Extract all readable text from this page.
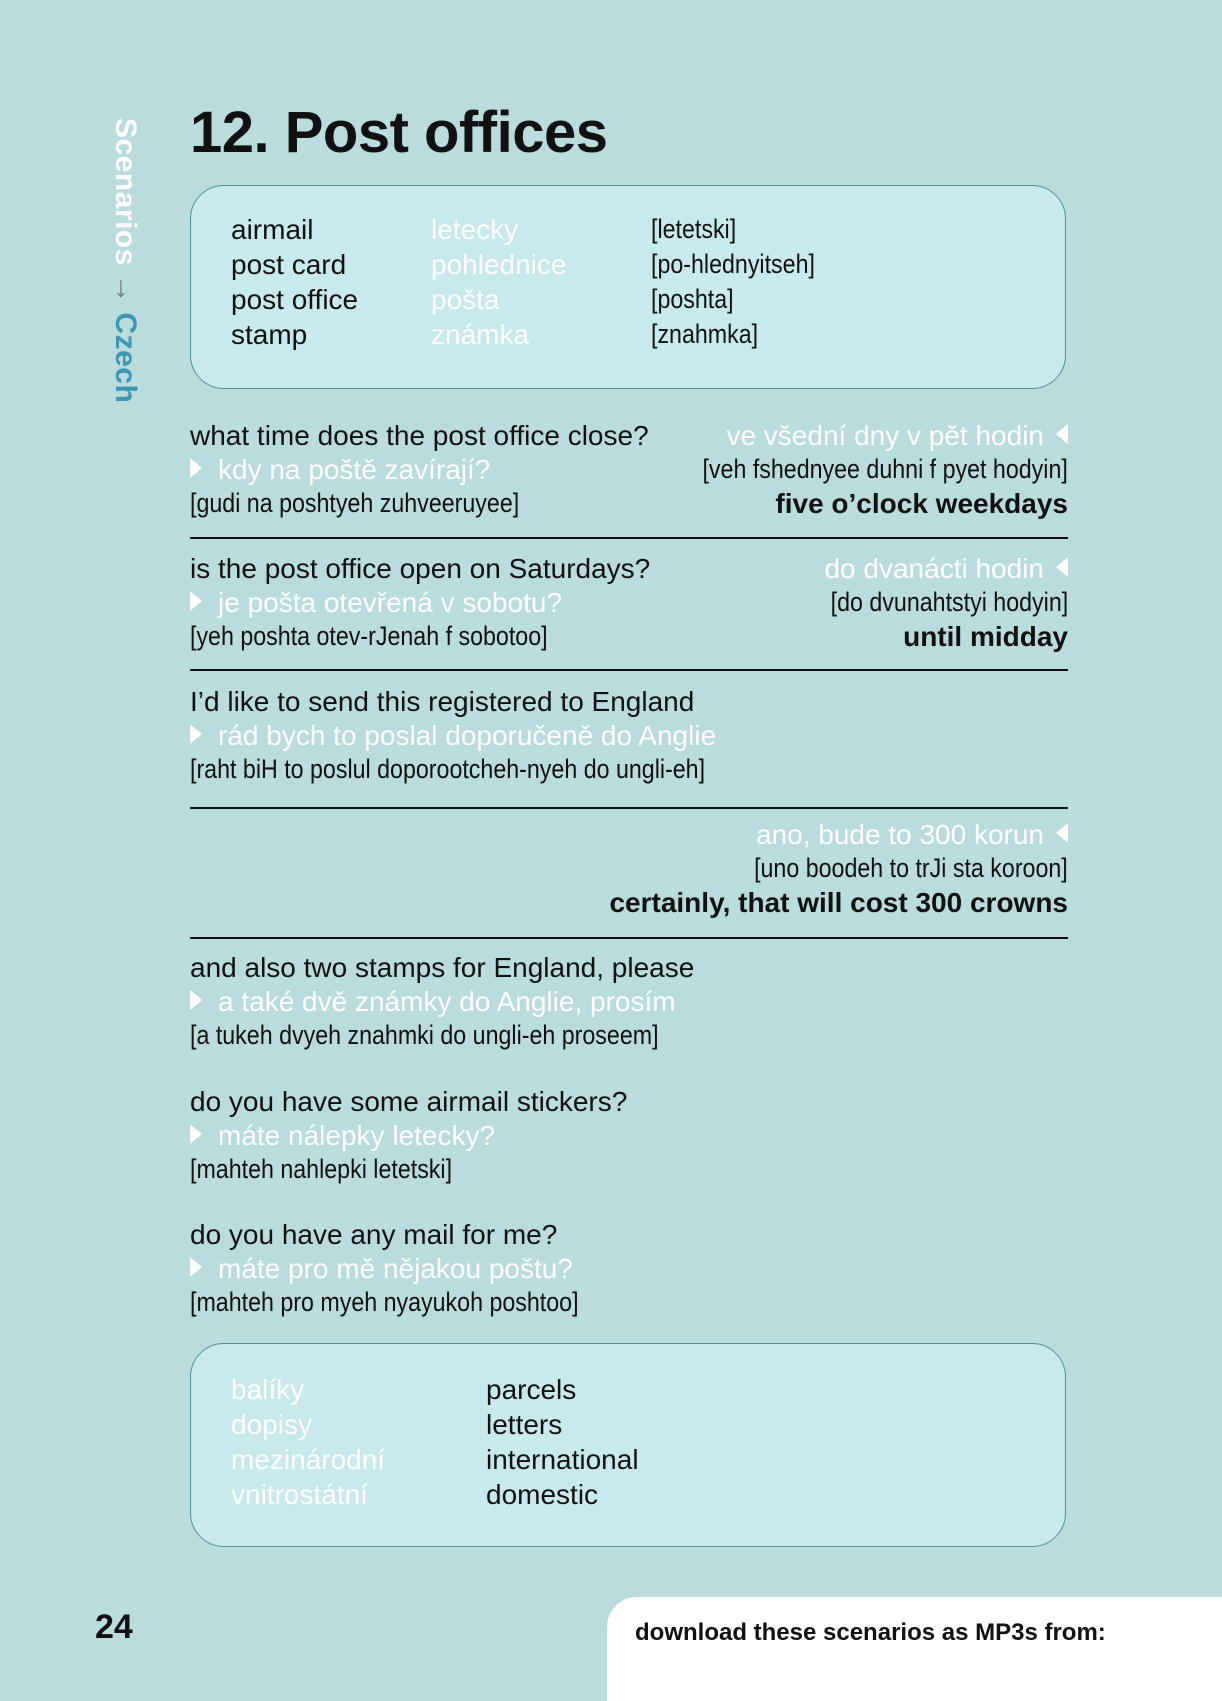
Scenarios→Czech
12. Post offices
airmail	letecky	[letetski]
post card	pohlednice	[po-hlednyitseh]
post office	pošta	[poshta]
stamp	známka	[znahmka]
what time does the post office close?
kdy na poště zavírají?
[gudi na poshtyeh zuhveeruyee]
ve všední dny v pět hodin
[veh fshednyee duhni f pyet hodyin]
five o’clock weekdays
is the post office open on Saturdays?
je pošta otevřená v sobotu?
[yeh poshta otev-rJenah f sobotoo]
do dvanácti hodin
[do dvunahtstyi hodyin]
until midday
I’d like to send this registered to England
rád bych to poslal doporučeně do Anglie
[raht biH to poslul doporootcheh-nyeh do ungli-eh]
ano, bude to 300 korun
[uno boodeh to trJi sta koroon]
certainly, that will cost 300 crowns
and also two stamps for England, please
a také dvě známky do Anglie, prosím
[a tukeh dvyeh znahmki do ungli-eh proseem]
do you have some airmail stickers?
máte nálepky letecky?
[mahteh nahlepki letetski]
do you have any mail for me?
máte pro mě nějakou poštu?
[mahteh pro myeh nyayukoh poshtoo]
balíky	parcels
dopisy	letters
mezinárodní	international
vnitrostátní	domestic
24	download these scenarios as MP3s from:
